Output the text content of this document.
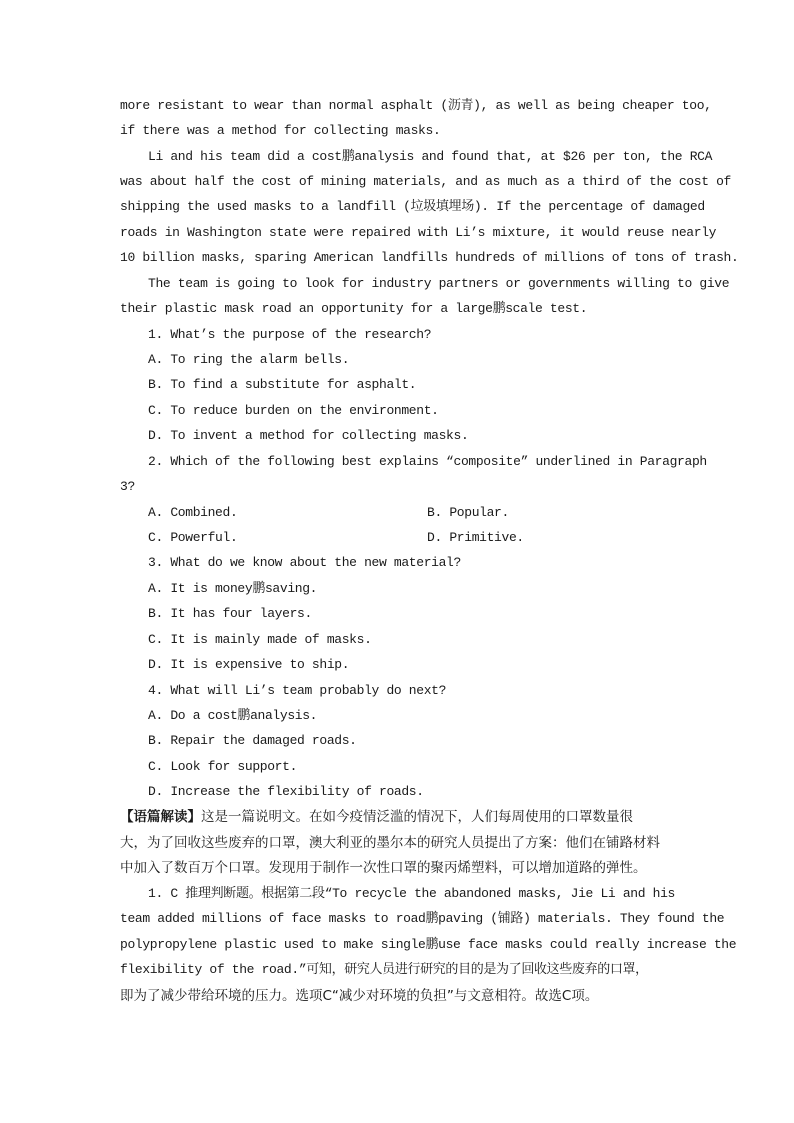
more resistant to wear than normal asphalt (沥青), as well as being cheaper too,
if there was a method for collecting masks.
Li and his team did a cost鹏analysis and found that, at $26 per ton, the RCA
was about half the cost of mining materials, and as much as a third of the cost of
shipping the used masks to a landfill (垃圾填埋场). If the percentage of damaged
roads in Washington state were repaired with Li’s mixture, it would reuse nearly
10 billion masks, sparing American landfills hundreds of millions of tons of trash.
The team is going to look for industry partners or governments willing to give
their plastic mask road an opportunity for a large鹏scale test.
1. What’s the purpose of the research?
A. To ring the alarm bells.
B. To find a substitute for asphalt.
C. To reduce burden on the environment.
D. To invent a method for collecting masks.
2. Which of the following best explains “composite” underlined in Paragraph
3?
A. Combined.	B. Popular.
C. Powerful.	D. Primitive.
3. What do we know about the new material?
A. It is money鹏saving.
B. It has four layers.
C. It is mainly made of masks.
D. It is expensive to ship.
4. What will Li’s team probably do next?
A. Do a cost鹏analysis.
B. Repair the damaged roads.
C. Look for support.
D. Increase the flexibility of roads.
【语篇解读】这是一篇说明文。在如今疫情泛滥的情况下，人们每周使用的口罩数量很
大，为了回收这些废弃的口罩，澳大利亚的墨尔本的研究人员提出了方案：他们在铺路材料
中加入了数百万个口罩。发现用于制作一次性口罩的聚丙烯塑料，可以增加道路的弹性。
1. C 推理判断题。根据第二段“To recycle the abandoned masks, Jie Li and his
team added millions of face masks to road鹏paving (铺路) materials. They found the
polypropylene plastic used to make single鹏use face masks could really increase the
flexibility of the road.”可知，研究人员进行研究的目的是为了回收这些废弃的口罩，
即为了减少带给环境的压力。选项C“减少对环境的负担”与文意相符。故选C项。
